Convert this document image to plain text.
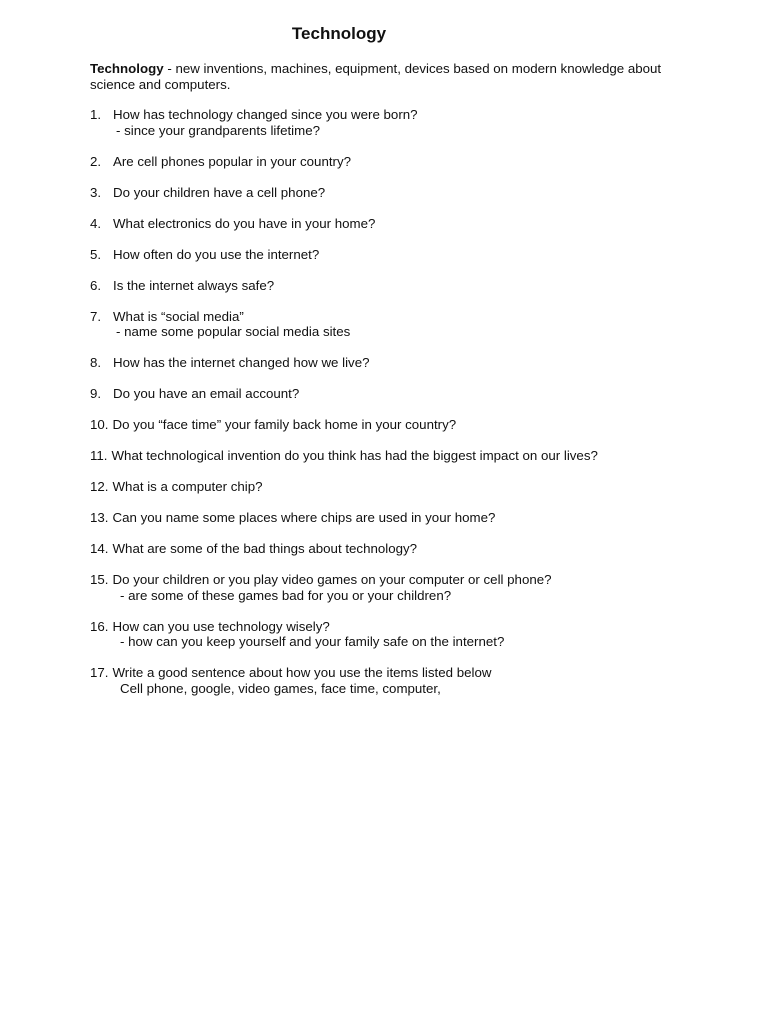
Technology

Technology - new inventions, machines, equipment, devices based on modern knowledge about science and computers.

1. How has technology changed since you were born?
- since your grandparents lifetime?
2. Are cell phones popular in your country?
3. Do your children have a cell phone?
4. What electronics do you have in your home?
5. How often do you use the internet?
6. Is the internet always safe?
7. What is “social media”
- name some popular social media sites
8. How has the internet changed how we live?
9. Do you have an email account?
10. Do you “face time” your family back home in your country?
11. What technological invention do you think has had the biggest impact on our lives?
12. What is a computer chip?
13. Can you name some places where chips are used in your home?
14. What are some of the bad things about technology?
15. Do your children or you play video games on your computer or cell phone?
- are some of these games bad for you or your children?
16. How can you use technology wisely?
- how can you keep yourself and your family safe on the internet?
17. Write a good sentence about how you use the items listed below
Cell phone, google, video games, face time, computer,
